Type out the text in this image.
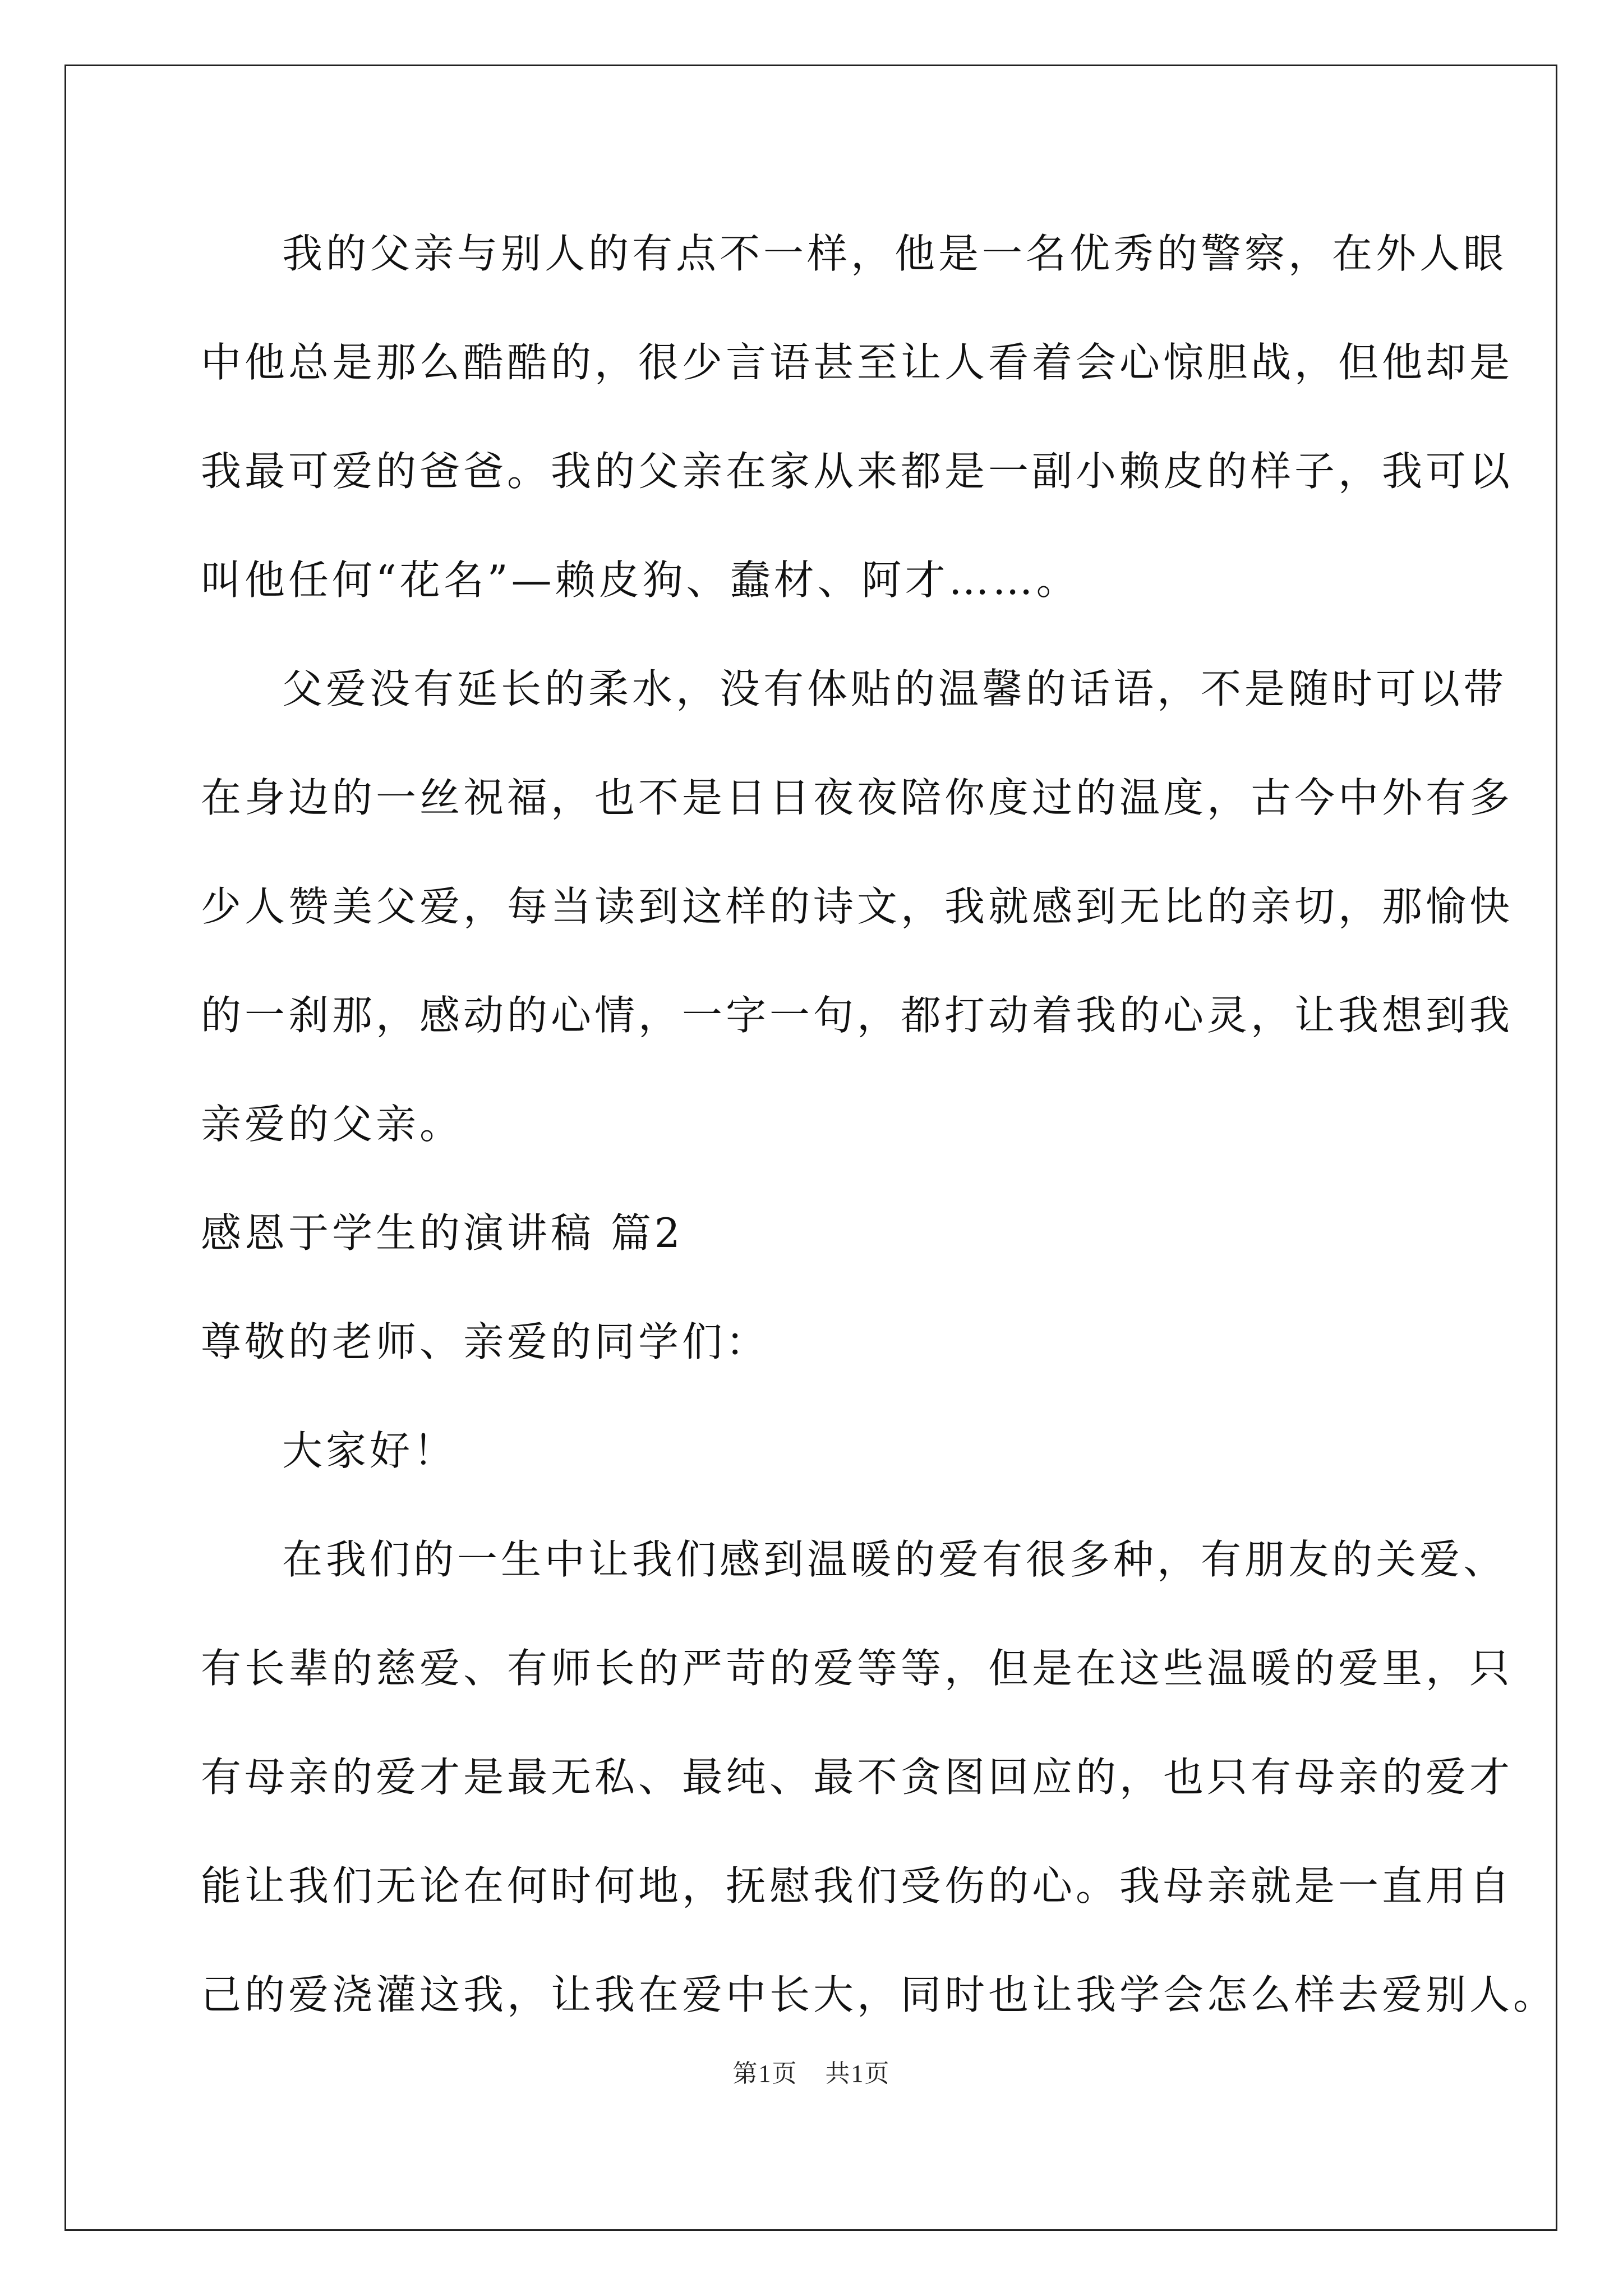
我的父亲与别人的有点不一样，他是一名优秀的警察，在外人眼
中他总是那么酷酷的，很少言语甚至让人看着会心惊胆战，但他却是
我最可爱的爸爸。我的父亲在家从来都是一副小赖皮的样子，我可以
叫他任何“花名”—赖皮狗、蠢材、阿才……。
父爱没有延长的柔水，没有体贴的温馨的话语，不是随时可以带
在身边的一丝祝福，也不是日日夜夜陪你度过的温度，古今中外有多
少人赞美父爱，每当读到这样的诗文，我就感到无比的亲切，那愉快
的一刹那，感动的心情，一字一句，都打动着我的心灵，让我想到我
亲爱的父亲。
感恩于学生的演讲稿 篇2
尊敬的老师、亲爱的同学们：
大家好！
在我们的一生中让我们感到温暖的爱有很多种，有朋友的关爱、
有长辈的慈爱、有师长的严苛的爱等等，但是在这些温暖的爱里，只
有母亲的爱才是最无私、最纯、最不贪图回应的，也只有母亲的爱才
能让我们无论在何时何地，抚慰我们受伤的心。我母亲就是一直用自
己的爱浇灌这我，让我在爱中长大，同时也让我学会怎么样去爱别人。
第1页 共1页
